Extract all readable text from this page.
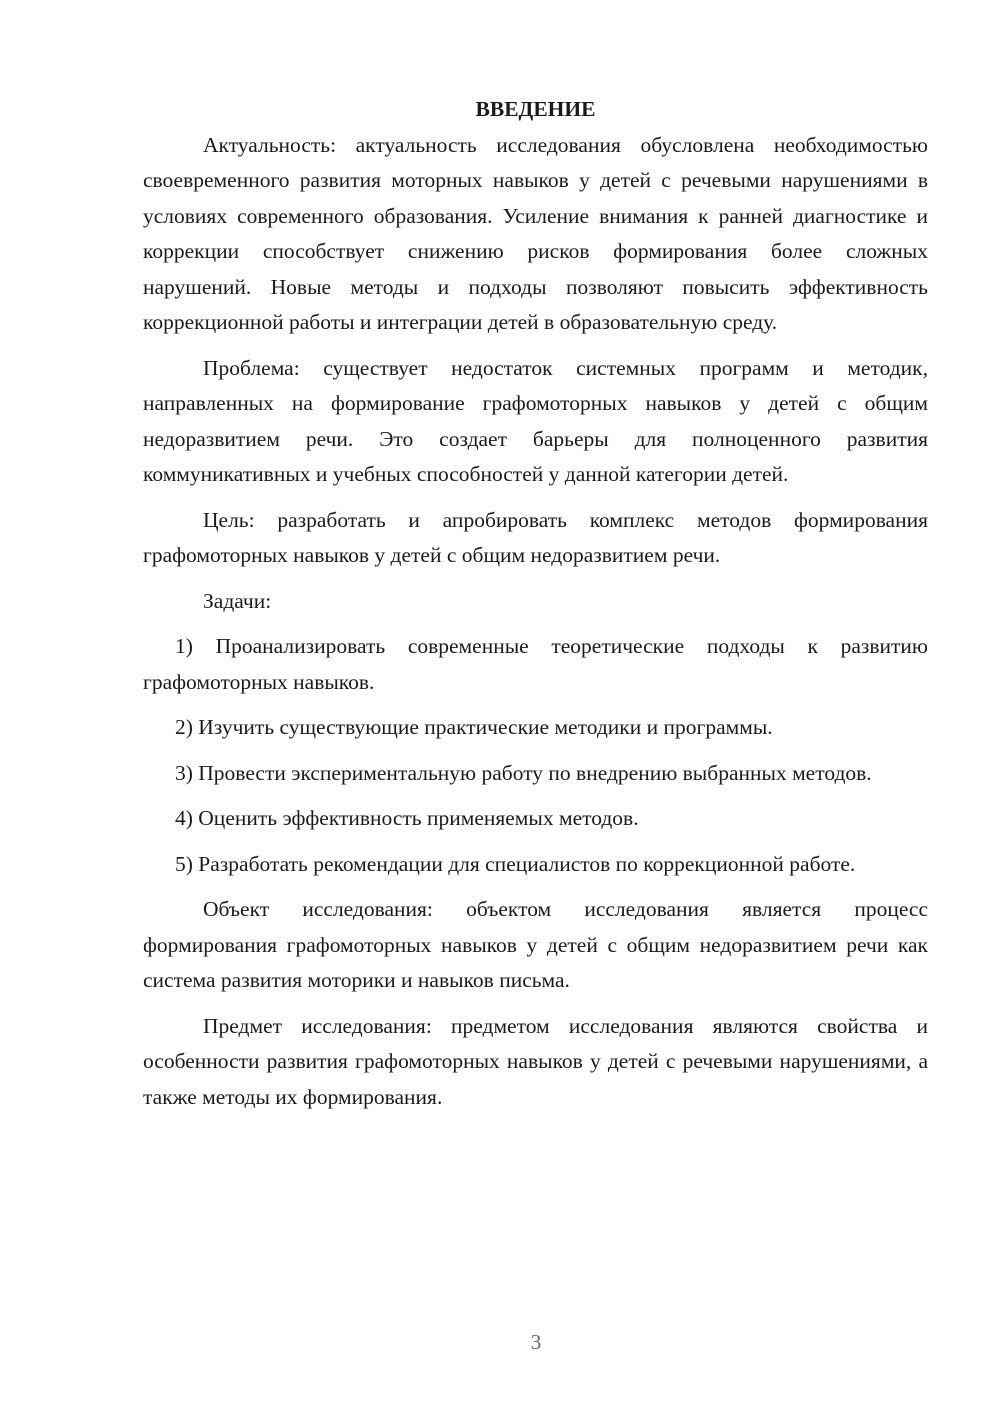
ВВЕДЕНИЕ

Актуальность: актуальность исследования обусловлена необходимостью своевременного развития моторных навыков у детей с речевыми нарушениями в условиях современного образования. Усиление внимания к ранней диагностике и коррекции способствует снижению рисков формирования более сложных нарушений. Новые методы и подходы позволяют повысить эффективность коррекционной работы и интеграции детей в образовательную среду.

Проблема: существует недостаток системных программ и методик, направленных на формирование графомоторных навыков у детей с общим недоразвитием речи. Это создает барьеры для полноценного развития коммуникативных и учебных способностей у данной категории детей.

Цель: разработать и апробировать комплекс методов формирования графомоторных навыков у детей с общим недоразвитием речи.

Задачи:

1) Проанализировать современные теоретические подходы к развитию графомоторных навыков.

2) Изучить существующие практические методики и программы.

3) Провести экспериментальную работу по внедрению выбранных методов.

4) Оценить эффективность применяемых методов.

5) Разработать рекомендации для специалистов по коррекционной работе.

Объект исследования: объектом исследования является процесс формирования графомоторных навыков у детей с общим недоразвитием речи как система развития моторики и навыков письма.

Предмет исследования: предметом исследования являются свойства и особенности развития графомоторных навыков у детей с речевыми нарушениями, а также методы их формирования.

3
